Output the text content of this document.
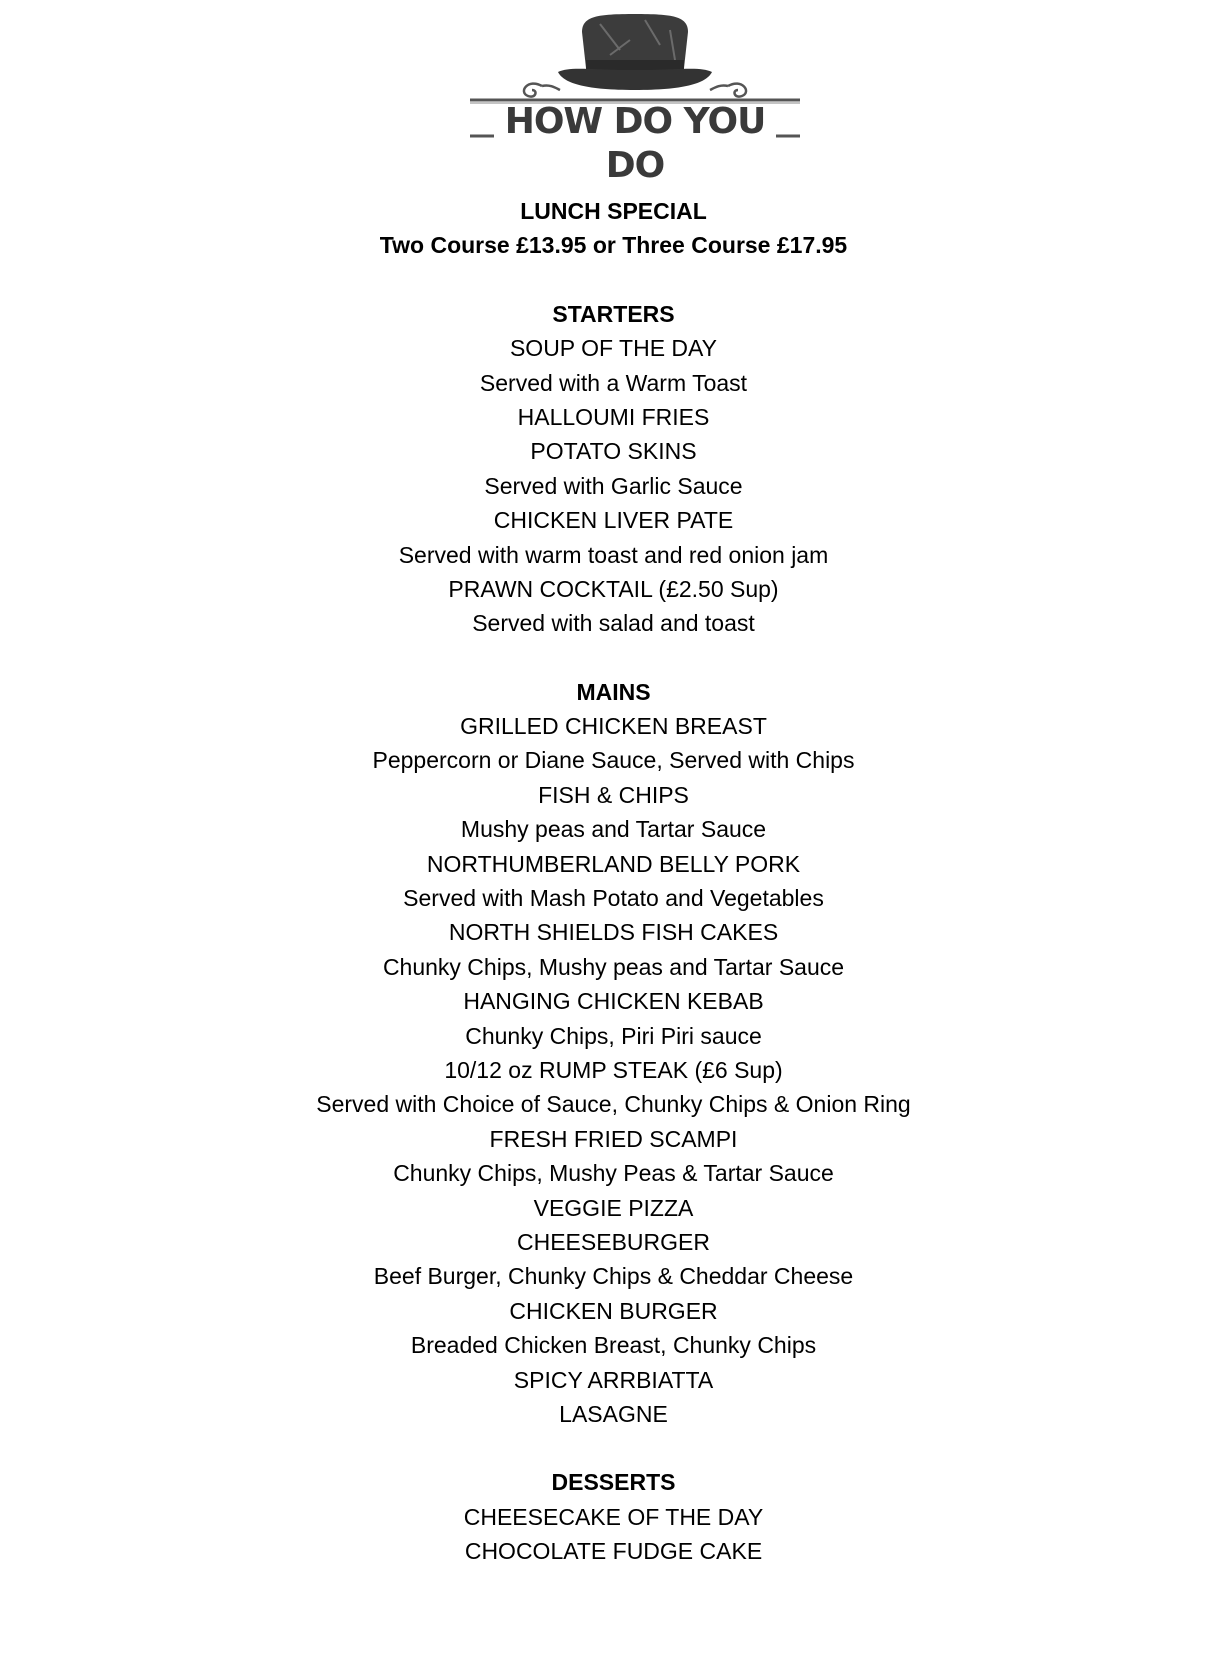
HOW DO YOU DO
LUNCH SPECIAL
Two Course £13.95 or Three Course £17.95
STARTERS
SOUP OF THE DAY
Served with a Warm Toast
HALLOUMI FRIES
POTATO SKINS
Served with Garlic Sauce
CHICKEN LIVER PATE
Served with warm toast and red onion jam
PRAWN COCKTAIL (£2.50 Sup)
Served with salad and toast
MAINS
GRILLED CHICKEN BREAST
Peppercorn or Diane Sauce, Served with Chips
FISH & CHIPS
Mushy peas and Tartar Sauce
NORTHUMBERLAND BELLY PORK
Served with Mash Potato and Vegetables
NORTH SHIELDS FISH CAKES
Chunky Chips, Mushy peas and Tartar Sauce
HANGING CHICKEN KEBAB
Chunky Chips, Piri Piri sauce
10/12 oz RUMP STEAK (£6 Sup)
Served with Choice of Sauce, Chunky Chips & Onion Ring
FRESH FRIED SCAMPI
Chunky Chips, Mushy Peas & Tartar Sauce
VEGGIE PIZZA
CHEESEBURGER
Beef Burger, Chunky Chips & Cheddar Cheese
CHICKEN BURGER
Breaded Chicken Breast, Chunky Chips
SPICY ARRBIATTA
LASAGNE
DESSERTS
CHEESECAKE OF THE DAY
CHOCOLATE FUDGE CAKE
